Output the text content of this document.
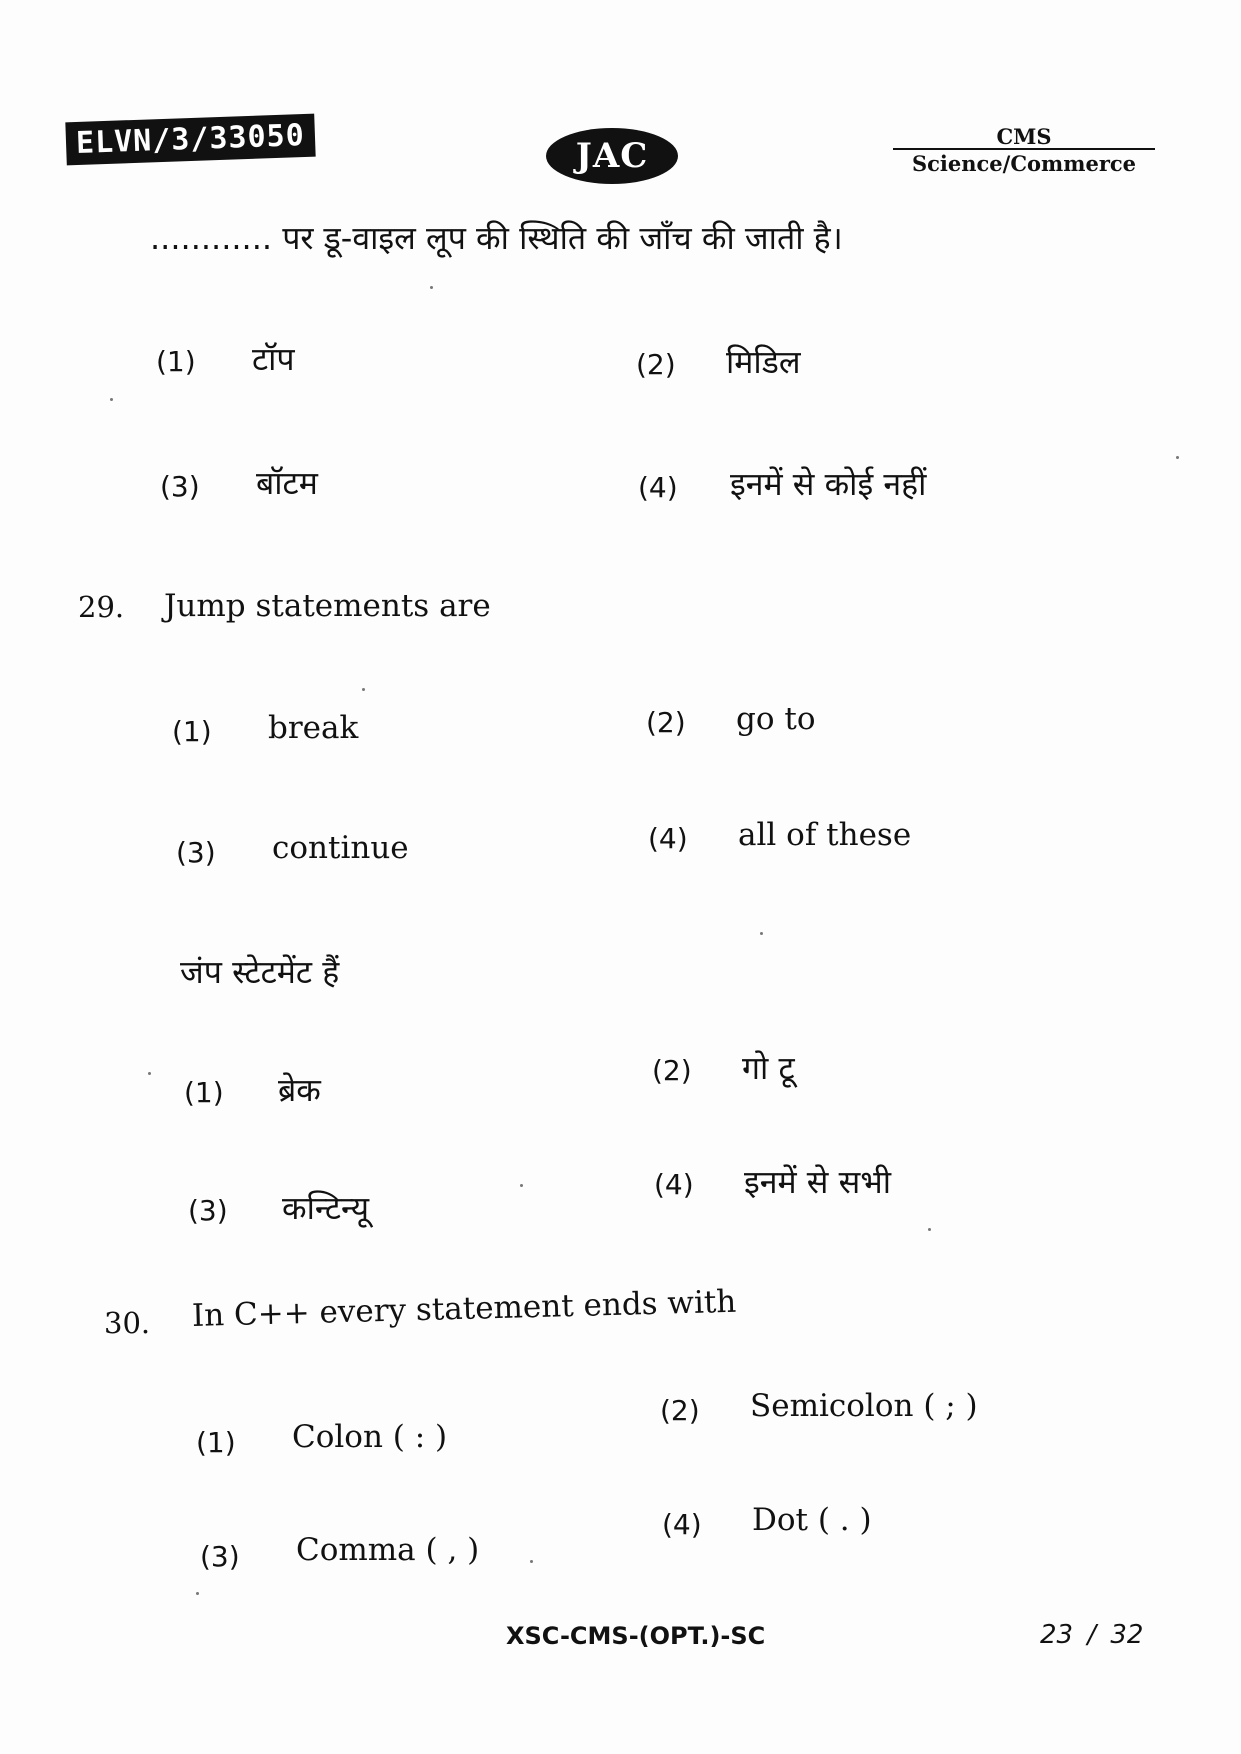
ELVN/3/33050	JAC	CMS
Science/Commerce
............ पर डू-वाइल लूप की स्थिति की जाँच की जाती है।
(1) टॉप	(2) मिडिल
(3) बॉटम	(4) इनमें से कोई नहीं
29. Jump statements are
(1) break	(2) go to
(3) continue	(4) all of these
जंप स्टेटमेंट हैं
(1) ब्रेक
(2) गो टू
(3) कन्टिन्यू
(4) इनमें से सभी
30. In C++ every statement ends with
(1) Colon ( : )
(2) Semicolon ( ; )
(3) Comma ( , )
(4) Dot ( . )
XSC-CMS-(OPT.)-SC	23 / 32
